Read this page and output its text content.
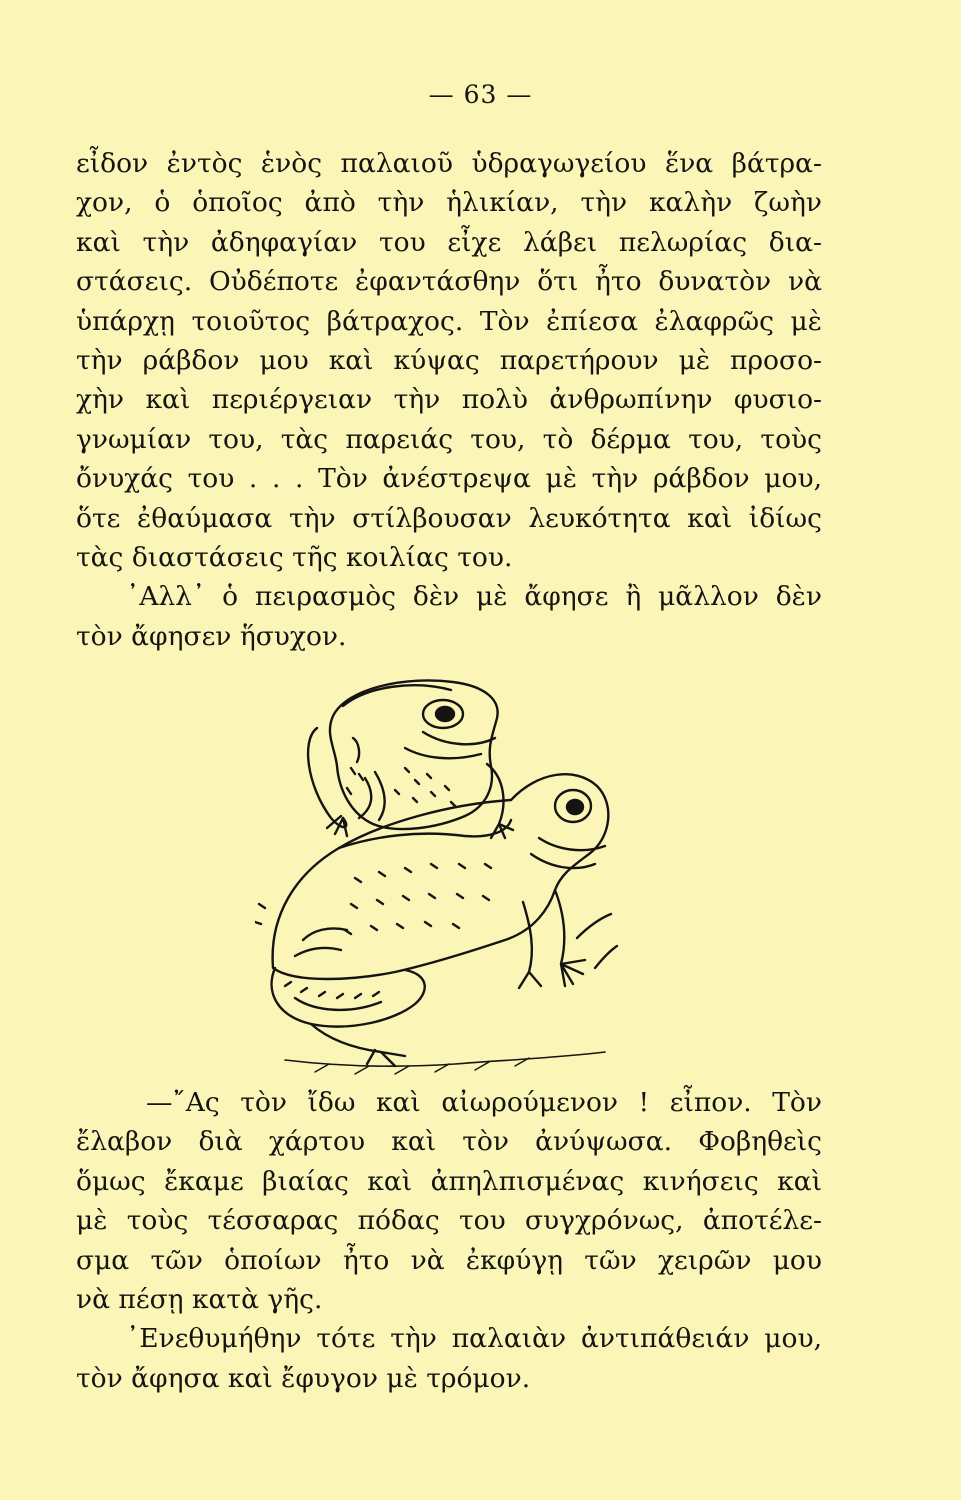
— 63 —
εἶδον ἐντὸς ἑνὸς παλαιοῦ ὑδραγωγείου ἕνα βάτρα-
χον, ὁ ὁποῖος ἀπὸ τὴν ἡλικίαν, τὴν καλὴν ζωὴν
καὶ τὴν ἀδηφαγίαν του εἶχε λάβει πελωρίας δια-
στάσεις. Οὐδέποτε ἐφαντάσθην ὅτι ἦτο δυνατὸν νὰ
ὑπάρχῃ τοιοῦτος βάτραχος. Τὸν ἐπίεσα ἐλαφρῶς μὲ
τὴν ράβδον μου καὶ κύψας παρετήρουν μὲ προσο-
χὴν καὶ περιέργειαν τὴν πολὺ ἀνθρωπίνην φυσιο-
γνωμίαν του, τὰς παρειάς του, τὸ δέρμα του, τοὺς
ὄνυχάς του . . . Τὸν ἀνέστρεψα μὲ τὴν ράβδον μου,
ὅτε ἐθαύμασα τὴν στίλβουσαν λευκότητα καὶ ἰδίως
τὰς διαστάσεις τῆς κοιλίας του.
᾿Αλλ᾿ ὁ πειρασμὸς δὲν μὲ ἄφησε ἢ μᾶλλον δὲν
τὸν ἄφησεν ἥσυχον.
—῎Ας τὸν ἴδω καὶ αἰωρούμενον ! εἶπον. Τὸν
ἔλαβον διὰ χάρτου καὶ τὸν ἀνύψωσα. Φοβηθεὶς
ὅμως ἔκαμε βιαίας καὶ ἀπηλπισμένας κινήσεις καὶ
μὲ τοὺς τέσσαρας πόδας του συγχρόνως, ἀποτέλε-
σμα τῶν ὁποίων ἦτο νὰ ἐκφύγῃ τῶν χειρῶν μου
νὰ πέσῃ κατὰ γῆς.
᾿Ενεθυμήθην τότε τὴν παλαιὰν ἀντιπάθειάν μου,
τὸν ἄφησα καὶ ἔφυγον μὲ τρόμον.
